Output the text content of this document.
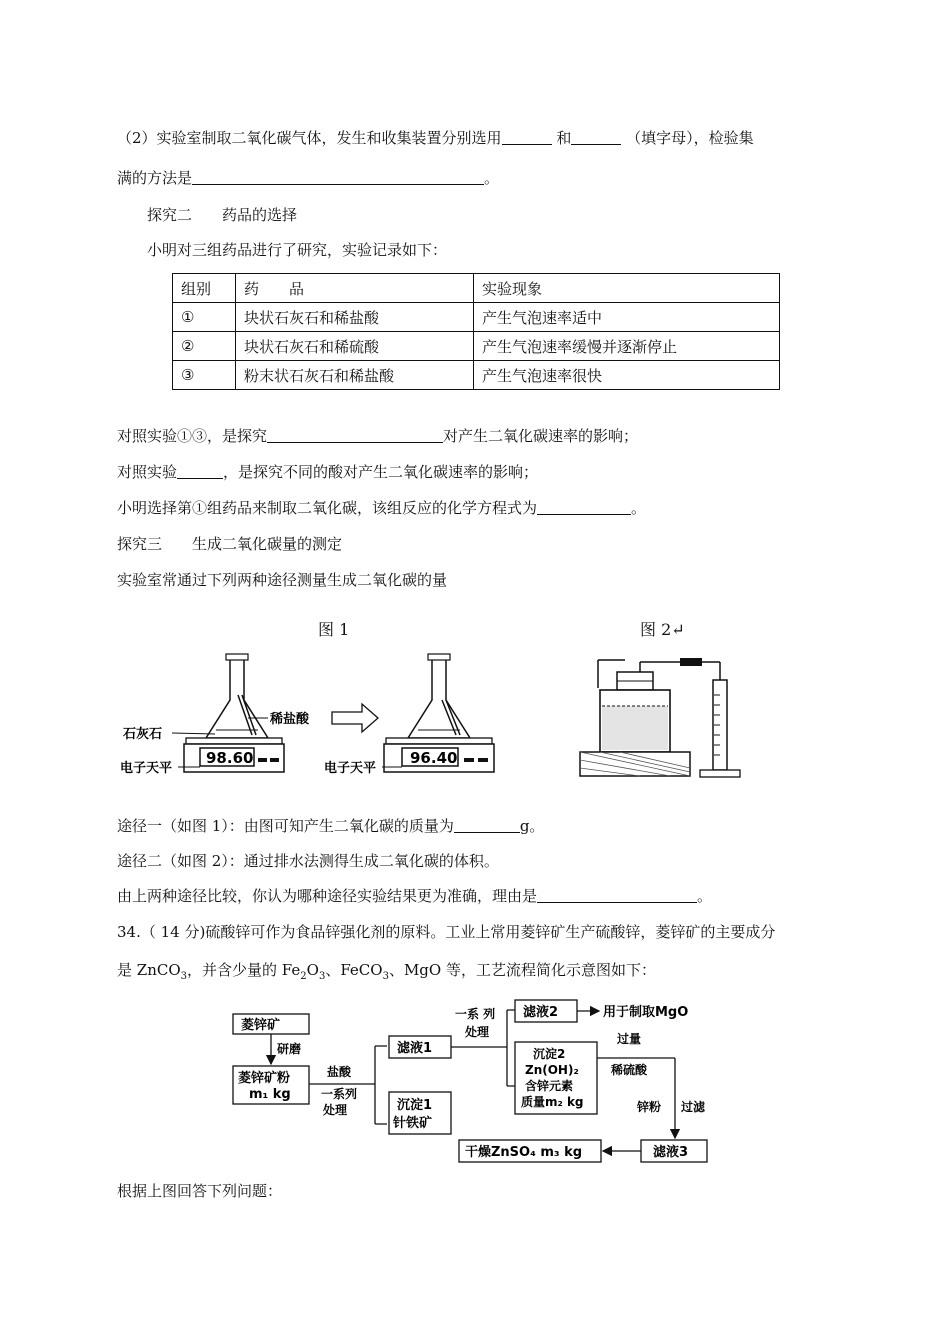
（2）实验室制取二氧化碳气体，发生和收集装置分别选用	和	（填字母），检验集
满的方法是	。
探究二　　药品的选择
小明对三组药品进行了研究，实验记录如下：
组别	药　　品	实验现象
①	块状石灰石和稀盐酸	产生气泡速率适中
②	块状石灰石和稀硫酸	产生气泡速率缓慢并逐渐停止
③	粉末状石灰石和稀盐酸	产生气泡速率很快
对照实验①③，是探究	对产生二氧化碳速率的影响；
对照实验	，是探究不同的酸对产生二氧化碳速率的影响；
小明选择第①组药品来制取二氧化碳，该组反应的化学方程式为	。
探究三　　生成二氧化碳量的测定
实验室常通过下列两种途径测量生成二氧化碳的量
图 1	图 2↵
石灰石
稀盐酸
98.60
电子天平
96.40
电子天平
途径一（如图 1）：由图可知产生二氧化碳的质量为	g。
途径二（如图 2）：通过排水法测得生成二氧化碳的体积。
由上两种途径比较，你认为哪种途径实验结果更为准确，理由是	。
34.（ 14 分)硫酸锌可作为食品锌强化剂的原料。工业上常用菱锌矿生产硫酸锌，菱锌矿的主要成分
是 ZnCO$_3$，并含少量的 $Fe_2O_3$、FeCO$_3$、MgO 等，工艺流程简化示意图如下：
菱锌矿
研磨
菱锌矿粉
m₁ kg
盐酸
一系列
处理
滤液1
沉淀1
针铁矿
一系 列
处理
滤液2	用于制取MgO
沉淀2
Zn(OH)₂
含锌元素
质量m₂ kg
过量
稀硫酸
锌粉 过滤
滤液3
干燥ZnSO₄ m₃ kg
根据上图回答下列问题：
